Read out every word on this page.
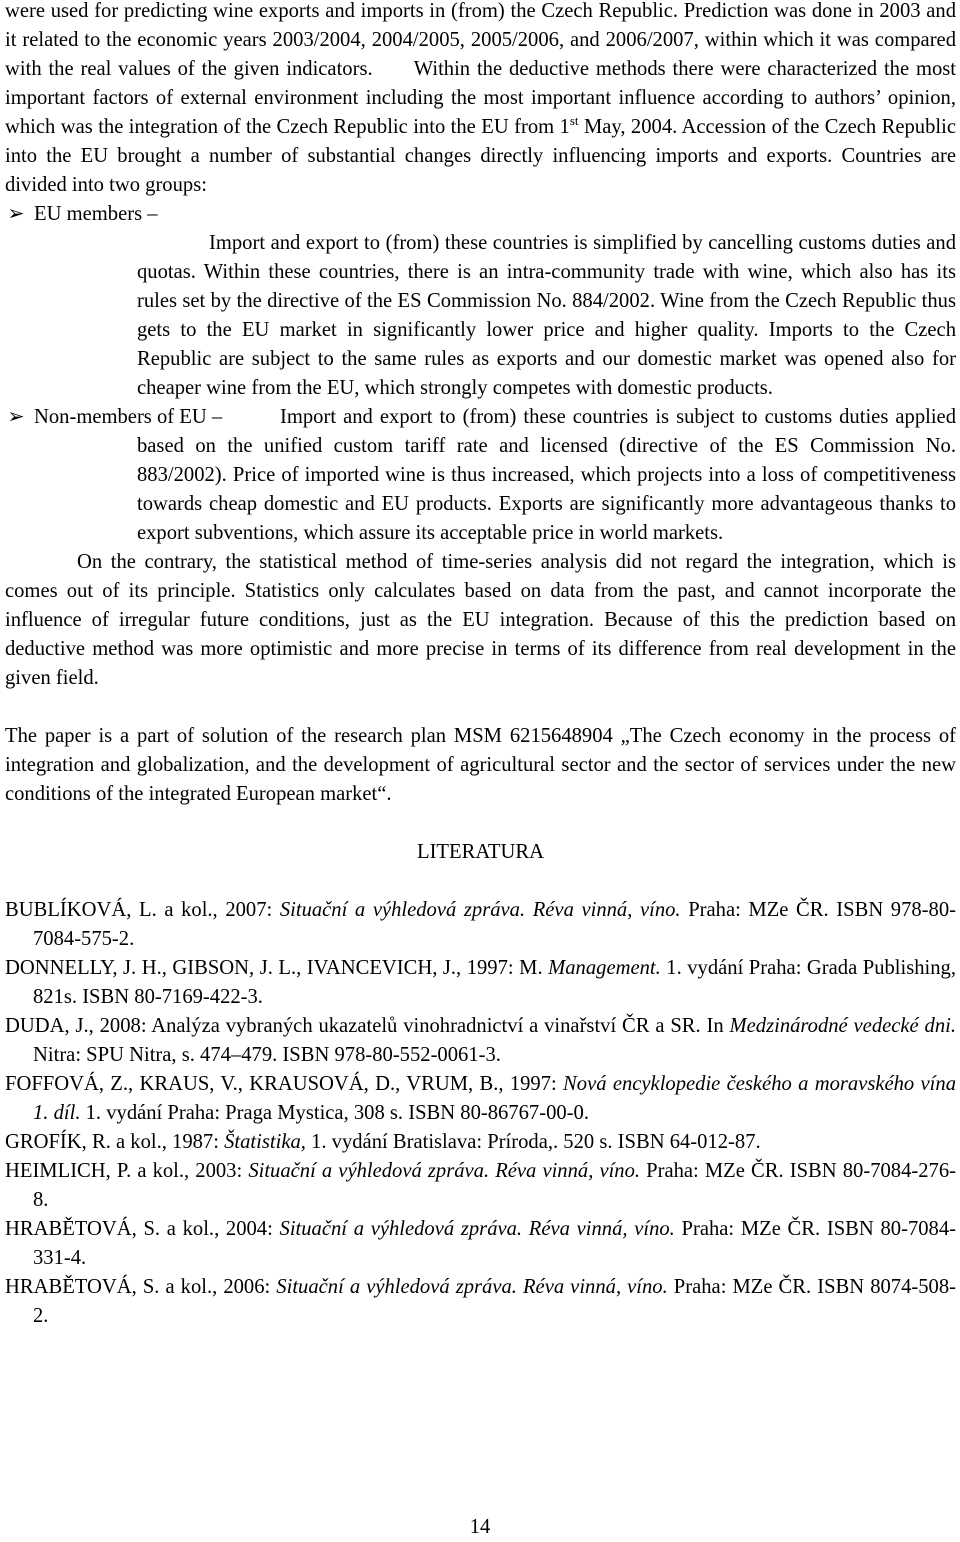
were used for predicting wine exports and imports in (from) the Czech Republic. Prediction was done in 2003 and it related to the economic years 2003/2004, 2004/2005, 2005/2006, and 2006/2007, within which it was compared with the real values of the given indicators. Within the deductive methods there were characterized the most important factors of external environment including the most important influence according to authors’ opinion, which was the integration of the Czech Republic into the EU from 1st May, 2004. Accession of the Czech Republic into the EU brought a number of substantial changes directly influencing imports and exports. Countries are divided into two groups:

➢ EU members –

Import and export to (from) these countries is simplified by cancelling customs duties and quotas. Within these countries, there is an intra-community trade with wine, which also has its rules set by the directive of the ES Commission No. 884/2002. Wine from the Czech Republic thus gets to the EU market in significantly lower price and higher quality. Imports to the Czech Republic are subject to the same rules as exports and our domestic market was opened also for cheaper wine from the EU, which strongly competes with domestic products.

➢ Non-members of EU –	Import and export to (from) these countries is subject to customs duties applied based on the unified custom tariff rate and licensed (directive of the ES Commission No. 883/2002). Price of imported wine is thus increased, which projects into a loss of competitiveness towards cheap domestic and EU products. Exports are significantly more advantageous thanks to export subventions, which assure its acceptable price in world markets.

On the contrary, the statistical method of time-series analysis did not regard the integration, which is comes out of its principle. Statistics only calculates based on data from the past, and cannot incorporate the influence of irregular future conditions, just as the EU integration. Because of this the prediction based on deductive method was more optimistic and more precise in terms of its difference from real development in the given field.

The paper is a part of solution of the research plan MSM 6215648904 „The Czech economy in the process of integration and globalization, and the development of agricultural sector and the sector of services under the new conditions of the integrated European market“.

LITERATURA

BUBLÍKOVÁ, L. a kol., 2007: Situační a výhledová zpráva. Réva vinná, víno. Praha: MZe ČR. ISBN 978-80-7084-575-2.

DONNELLY, J. H., GIBSON, J. L., IVANCEVICH, J., 1997: M. Management. 1. vydání Praha: Grada Publishing, 821s. ISBN 80-7169-422-3.

DUDA, J., 2008: Analýza vybraných ukazatelů vinohradnictví a vinařství ČR a SR. In Medzinárodné vedecké dni. Nitra: SPU Nitra, s. 474–479. ISBN 978-80-552-0061-3.

FOFFOVÁ, Z., KRAUS, V., KRAUSOVÁ, D., VRUM, B., 1997: Nová encyklopedie českého a moravského vína 1. díl. 1. vydání Praha: Praga Mystica, 308 s. ISBN 80-86767-00-0.

GROFÍK, R. a kol., 1987: Štatistika, 1. vydání Bratislava: Príroda,. 520 s. ISBN 64-012-87.

HEIMLICH, P. a kol., 2003: Situační a výhledová zpráva. Réva vinná, víno. Praha: MZe ČR. ISBN 80-7084-276-8.

HRABĚTOVÁ, S. a kol., 2004: Situační a výhledová zpráva. Réva vinná, víno. Praha: MZe ČR. ISBN 80-7084-331-4.

HRABĚTOVÁ, S. a kol., 2006: Situační a výhledová zpráva. Réva vinná, víno. Praha: MZe ČR. ISBN 8074-508-2.

14
